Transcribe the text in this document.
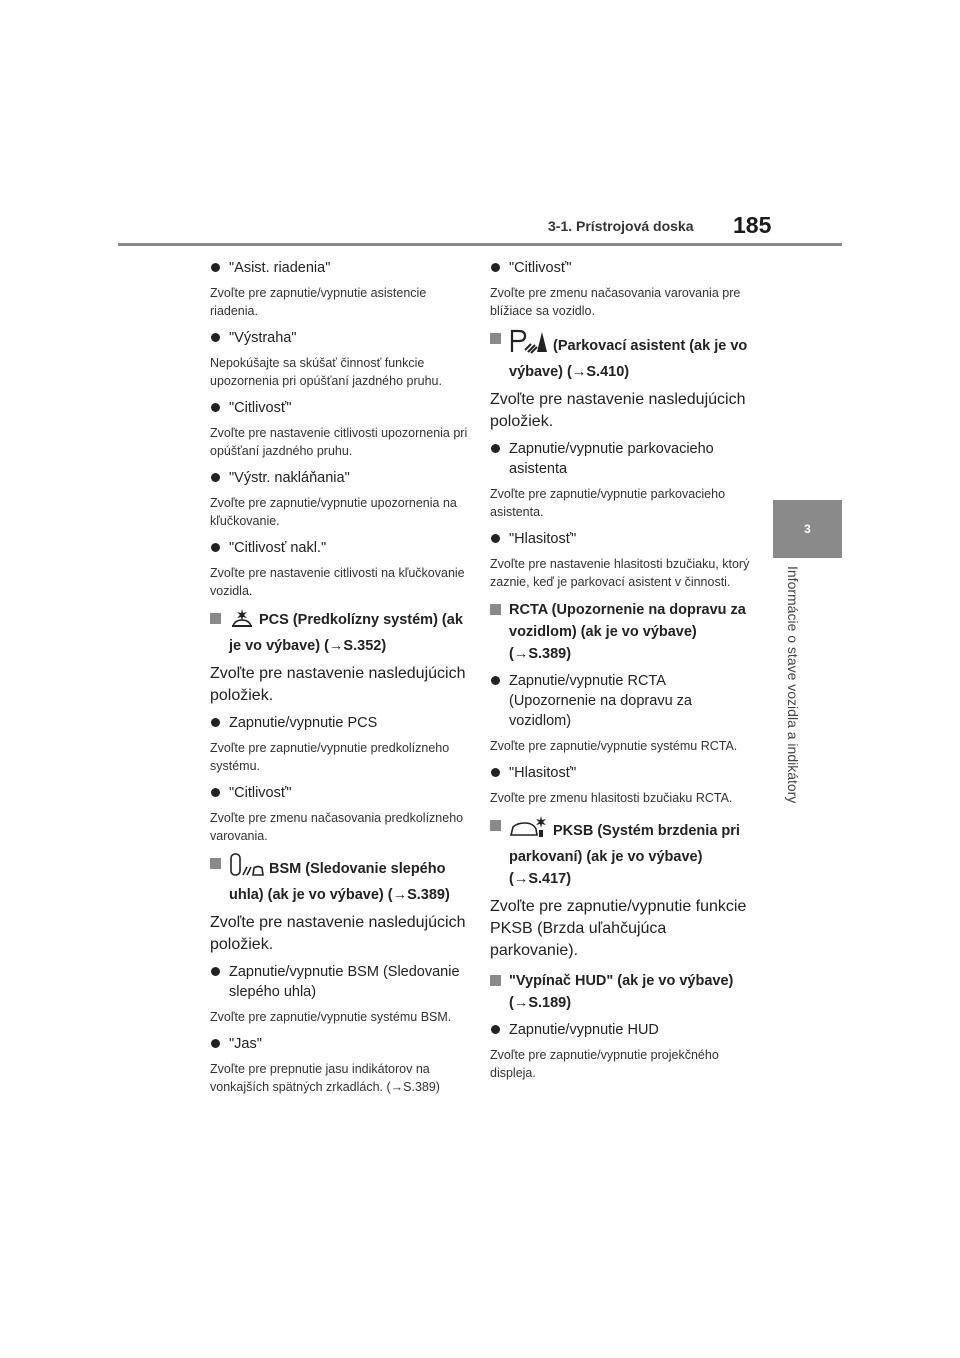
3-1. Prístrojová doska 185
3
Informácie o stave vozidla a indikátory
"Asist. riadenia"
Zvoľte pre zapnutie/vypnutie asistencie riadenia.
"Výstraha"
Nepokúšajte sa skúšať činnosť funkcie upozornenia pri opúšťaní jazdného pruhu.
"Citlivosť"
Zvoľte pre nastavenie citlivosti upozornenia pri opúšťaní jazdného pruhu.
"Výstr. nakláňania"
Zvoľte pre zapnutie/vypnutie upozornenia na kľučkovanie.
"Citlivosť nakl."
Zvoľte pre nastavenie citlivosti na kľučkovanie vozidla.
PCS (Predkolízny systém) (ak je vo výbave) (→S.352)
Zvoľte pre nastavenie nasledujúcich položiek.
Zapnutie/vypnutie PCS
Zvoľte pre zapnutie/vypnutie predkolízneho systému.
"Citlivosť"
Zvoľte pre zmenu načasovania predkolízneho varovania.
BSM (Sledovanie slepého uhla) (ak je vo výbave) (→S.389)
Zvoľte pre nastavenie nasledujúcich položiek.
Zapnutie/vypnutie BSM (Sledovanie slepého uhla)
Zvoľte pre zapnutie/vypnutie systému BSM.
"Jas"
Zvoľte pre prepnutie jasu indikátorov na vonkajších spätných zrkadlách. (→S.389)
"Citlivosť"
Zvoľte pre zmenu načasovania varovania pre blížiace sa vozidlo.
(Parkovací asistent (ak je vo výbave) (→S.410)
Zvoľte pre nastavenie nasledujúcich položiek.
Zapnutie/vypnutie parkovacieho asistenta
Zvoľte pre zapnutie/vypnutie parkovacieho asistenta.
"Hlasitosť"
Zvoľte pre nastavenie hlasitosti bzučiaku, ktorý zaznie, keď je parkovací asistent v činnosti.
RCTA (Upozornenie na dopravu za vozidlom) (ak je vo výbave) (→S.389)
Zapnutie/vypnutie RCTA (Upozornenie na dopravu za vozidlom)
Zvoľte pre zapnutie/vypnutie systému RCTA.
"Hlasitosť"
Zvoľte pre zmenu hlasitosti bzučiaku RCTA.
PKSB (Systém brzdenia pri parkovaní) (ak je vo výbave) (→S.417)
Zvoľte pre zapnutie/vypnutie funkcie PKSB (Brzda uľahčujúca parkovanie).
"Vypínač HUD" (ak je vo výbave) (→S.189)
Zapnutie/vypnutie HUD
Zvoľte pre zapnutie/vypnutie projekčného displeja.
